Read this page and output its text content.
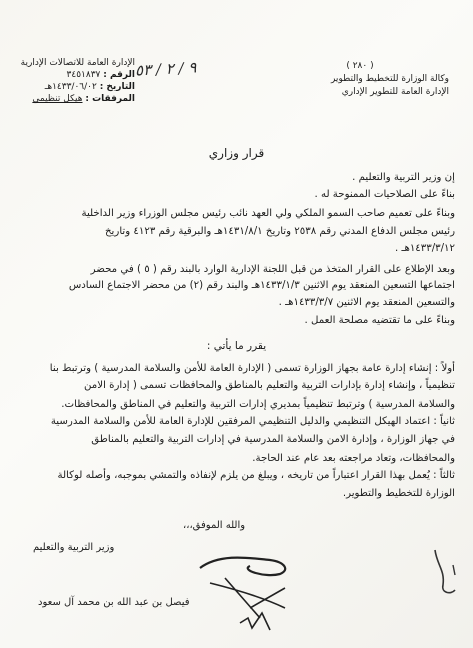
( ٢٨٠ )
وكالة الوزارة للتخطيط والتطوير
الإدارة العامة للتطوير الإداري
الإدارة العامة للاتصالات الإدارية
الرقم : ٣٤٥١٨٣٧
التاريخ : ١٤٣٣/٠٦/٠٢هـ
المرفقات : هيكل تنظيمي
٩ / ٢ / ٥٣
قرار وزاري
إن وزير التربية والتعليم .
بناءً على الصلاحيات الممنوحة له .
وبناءً على تعميم صاحب السمو الملكي ولي العهد نائب رئيس مجلس الوزراء وزير الداخلية
رئيس مجلس الدفاع المدني رقم ٢٥٣٨ وتاريخ ١٤٣١/٨/١هـ والبرقية رقم ٤١٢٣ وتاريخ
١٤٣٣/٣/١٢هـ .
وبعد الإطلاع على القرار المتخذ من قبل اللجنة الإدارية الوارد بالبند رقم ( ٥ ) في محضر
اجتماعها التسعين المنعقد يوم الاثنين ١٤٣٣/١/٣هـ والبند رقم (٢) من محضر الاجتماع السادس
والتسعين المنعقد يوم الاثنين ١٤٣٣/٣/٧هـ .
وبناءً على ما تقتضيه مصلحة العمل .
يقرر ما يأتي :
أولاً : إنشاء إدارة عامة بجهاز الوزارة تسمى ( الإدارة العامة للأمن والسلامة المدرسية ) وترتبط بنا
تنظيمياً ، وإنشاء إدارة بإدارات التربية والتعليم بالمناطق والمحافظات تسمى ( إدارة الامن
والسلامة المدرسية ) وترتبط تنظيمياً بمديري إدارات التربية والتعليم في المناطق والمحافظات.
ثانياً : اعتماد الهيكل التنظيمي والدليل التنظيمي المرفقين للإدارة العامة للأمن والسلامة المدرسية
في جهاز الوزارة ، وإدارة الامن والسلامة المدرسية في إدارات التربية والتعليم بالمناطق
والمحافظات، وتعاد مراجعته بعد عام عند الحاجة.
ثالثاً : يُعمل بهذا القرار اعتباراً من تاريخه ، ويبلغ من يلزم لإنفاذه والتمشي بموجبه، وأصله لوكالة
الوزارة للتخطيط والتطوير.
والله الموفق،،،
وزير التربية والتعليم
فيصل بن عبد الله بن محمد آل سعود
